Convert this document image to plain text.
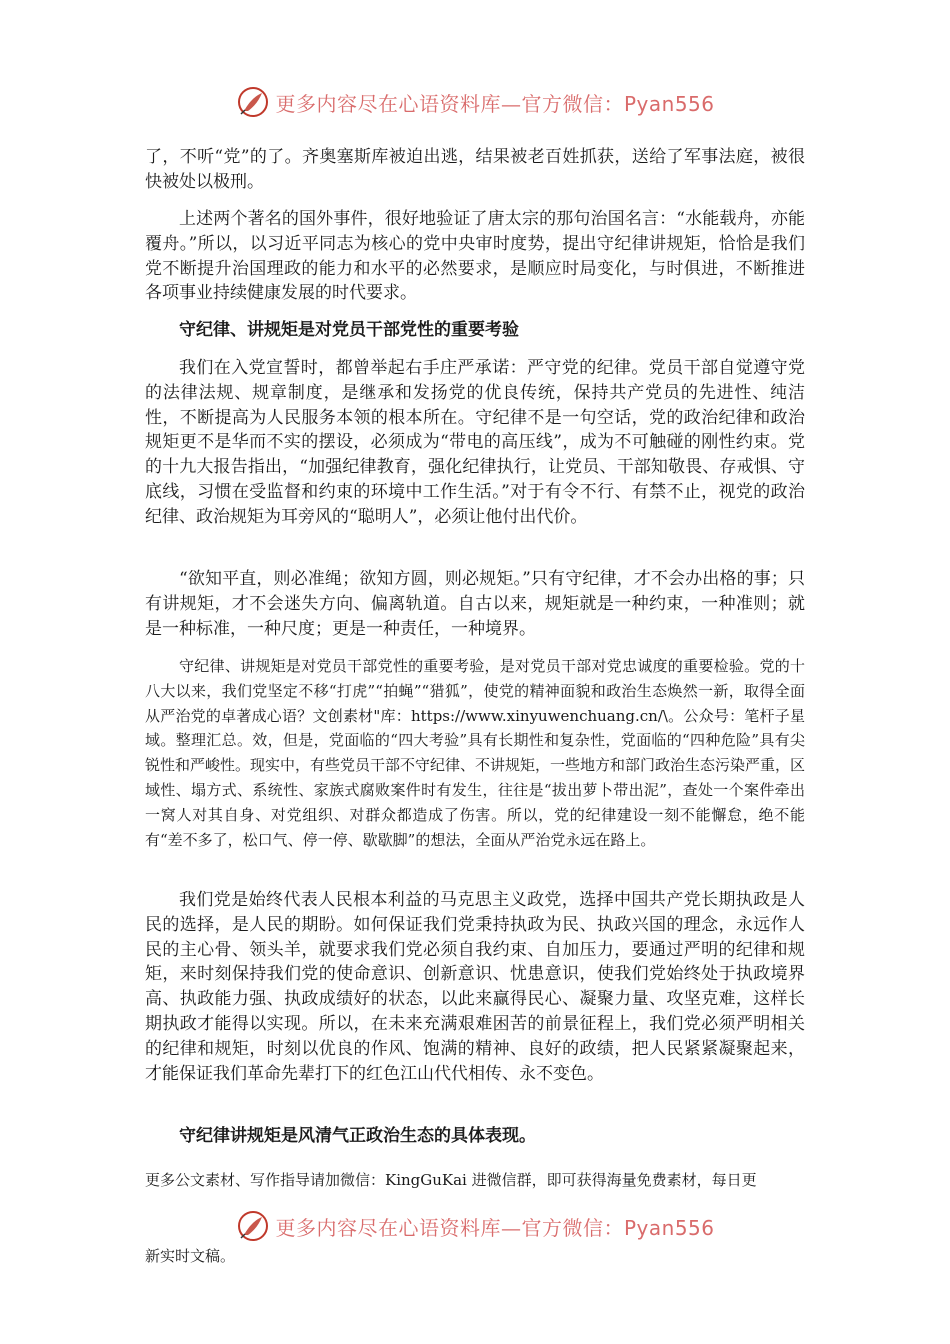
更多内容尽在心语资料库—官方微信：Pyan556

了，不听“党”的了。齐奥塞斯库被迫出逃，结果被老百姓抓获，送给了军事法庭，被很快被处以极刑。

上述两个著名的国外事件，很好地验证了唐太宗的那句治国名言：“水能载舟，亦能覆舟。”所以，以习近平同志为核心的党中央审时度势，提出守纪律讲规矩，恰恰是我们党不断提升治国理政的能力和水平的必然要求，是顺应时局变化，与时俱进，不断推进各项事业持续健康发展的时代要求。

守纪律、讲规矩是对党员干部党性的重要考验

我们在入党宣誓时，都曾举起右手庄严承诺：严守党的纪律。党员干部自觉遵守党的法律法规、规章制度，是继承和发扬党的优良传统，保持共产党员的先进性、纯洁性，不断提高为人民服务本领的根本所在。守纪律不是一句空话，党的政治纪律和政治规矩更不是华而不实的摆设，必须成为“带电的高压线”，成为不可触碰的刚性约束。党的十九大报告指出，“加强纪律教育，强化纪律执行，让党员、干部知敬畏、存戒惧、守底线，习惯在受监督和约束的环境中工作生活。”对于有令不行、有禁不止，视党的政治纪律、政治规矩为耳旁风的“聪明人”，必须让他付出代价。

“欲知平直，则必准绳；欲知方圆，则必规矩。”只有守纪律，才不会办出格的事；只有讲规矩，才不会迷失方向、偏离轨道。自古以来，规矩就是一种约束，一种准则；就是一种标准，一种尺度；更是一种责任，一种境界。

守纪律、讲规矩是对党员干部党性的重要考验，是对党员干部对党忠诚度的重要检验。党的十八大以来，我们党坚定不移“打虎”“拍蝇”“猎狐”，使党的精神面貌和政治生态焕然一新，取得全面从严治党的卓著成心语？文创素材"库：https://www.xinyuwenchuang.cn/\。公众号：笔杆子星域。整理汇总。效，但是，党面临的“四大考验”具有长期性和复杂性，党面临的“四种危险”具有尖锐性和严峻性。现实中，有些党员干部不守纪律、不讲规矩，一些地方和部门政治生态污染严重，区域性、塌方式、系统性、家族式腐败案件时有发生，往往是“拔出萝卜带出泥”，查处一个案件牵出一窝人对其自身、对党组织、对群众都造成了伤害。所以，党的纪律建设一刻不能懈怠，绝不能有“差不多了，松口气、停一停、歇歇脚”的想法，全面从严治党永远在路上。

我们党是始终代表人民根本利益的马克思主义政党，选择中国共产党长期执政是人民的选择，是人民的期盼。如何保证我们党秉持执政为民、执政兴国的理念，永远作人民的主心骨、领头羊，就要求我们党必须自我约束、自加压力，要通过严明的纪律和规矩，来时刻保持我们党的使命意识、创新意识、忧患意识，使我们党始终处于执政境界高、执政能力强、执政成绩好的状态，以此来赢得民心、凝聚力量、攻坚克难，这样长期执政才能得以实现。所以，在未来充满艰难困苦的前景征程上，我们党必须严明相关的纪律和规矩，时刻以优良的作风、饱满的精神、良好的政绩，把人民紧紧凝聚起来，才能保证我们革命先辈打下的红色江山代代相传、永不变色。

守纪律讲规矩是风清气正政治生态的具体表现。

更多公文素材、写作指导请加微信：KingGuKai 进微信群，即可获得海量免费素材，每日更

更多内容尽在心语资料库—官方微信：Pyan556

新实时文稿。
